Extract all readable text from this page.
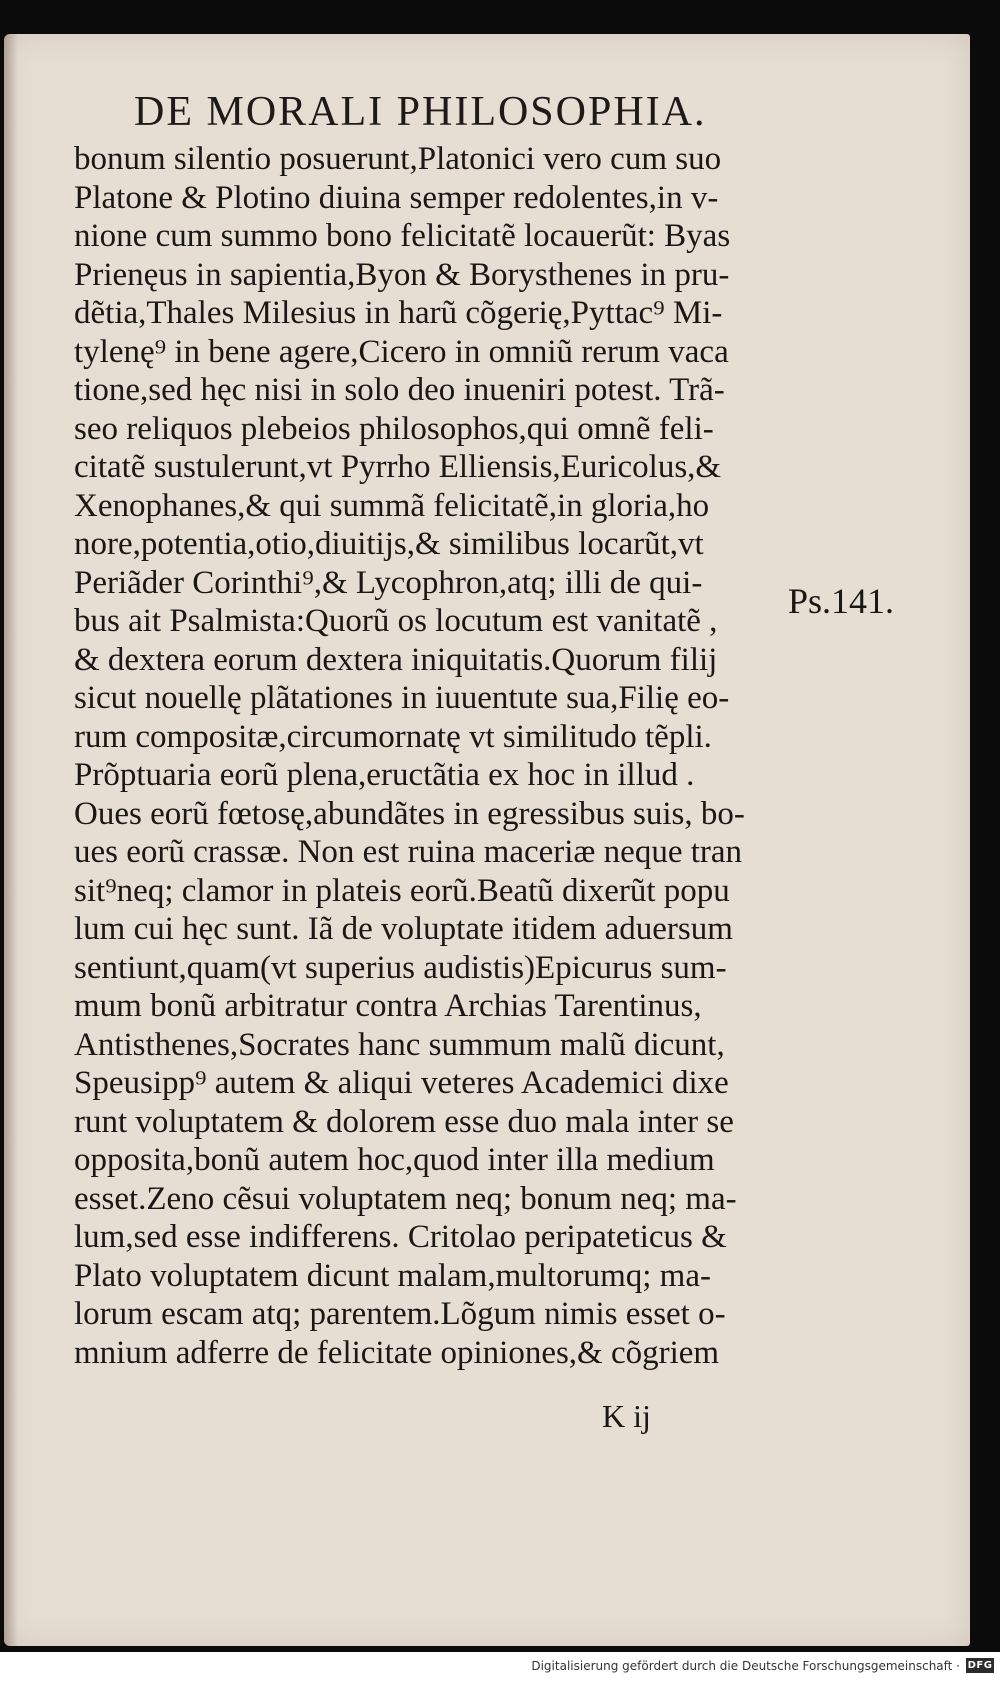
DE MORALI PHILOSOPHIA.
bonum silentio posuerunt,Platonici vero cum suo
Platone & Plotino diuina semper redolentes,in v-
nione cum summo bono felicitatẽ locauerũt: Byas
Prienęus in sapientia,Byon & Borysthenes in pru-
dẽtia,Thales Milesius in harũ cõgerię,Pyttac⁹ Mi-
tylenę⁹ in bene agere,Cicero in omniũ rerum vaca
tione,sed hęc nisi in solo deo inueniri potest. Trã-
seo reliquos plebeios philosophos,qui omnẽ feli-
citatẽ sustulerunt,vt Pyrrho Elliensis,Euricolus,&
Xenophanes,& qui summã felicitatẽ,in gloria,ho
nore,potentia,otio,diuitijs,& similibus locarũt,vt
Periãder Corinthi⁹,& Lycophron,atq; illi de qui-
bus ait Psalmista:Quorũ os locutum est vanitatẽ ,
& dextera eorum dextera iniquitatis.Quorum filij
sicut nouellę plãtationes in iuuentute sua,Filię eo-
rum compositæ,circumornatę vt similitudo tẽpli.
Prõptuaria eorũ plena,eructãtia ex hoc in illud .
Oues eorũ fœtosę,abundãtes in egressibus suis, bo-
ues eorũ crassæ. Non est ruina maceriæ neque tran
sit⁹neq; clamor in plateis eorũ.Beatũ dixerũt popu
lum cui hęc sunt. Iã de voluptate itidem aduersum
sentiunt,quam(vt superius audistis)Epicurus sum-
mum bonũ arbitratur contra Archias Tarentinus,
Antisthenes,Socrates hanc summum malũ dicunt,
Speusipp⁹ autem & aliqui veteres Academici dixe
runt voluptatem & dolorem esse duo mala inter se
opposita,bonũ autem hoc,quod inter illa medium
esset.Zeno cẽsui voluptatem neq; bonum neq; ma-
lum,sed esse indifferens. Critolao peripateticus &
Plato voluptatem dicunt malam,multorumq; ma-
lorum escam atq; parentem.Lõgum nimis esset o-
mnium adferre de felicitate opiniones,& cõgriem
Ps.141.
K ij
Digitalisierung gefördert durch die Deutsche Forschungsgemeinschaft · DFG
